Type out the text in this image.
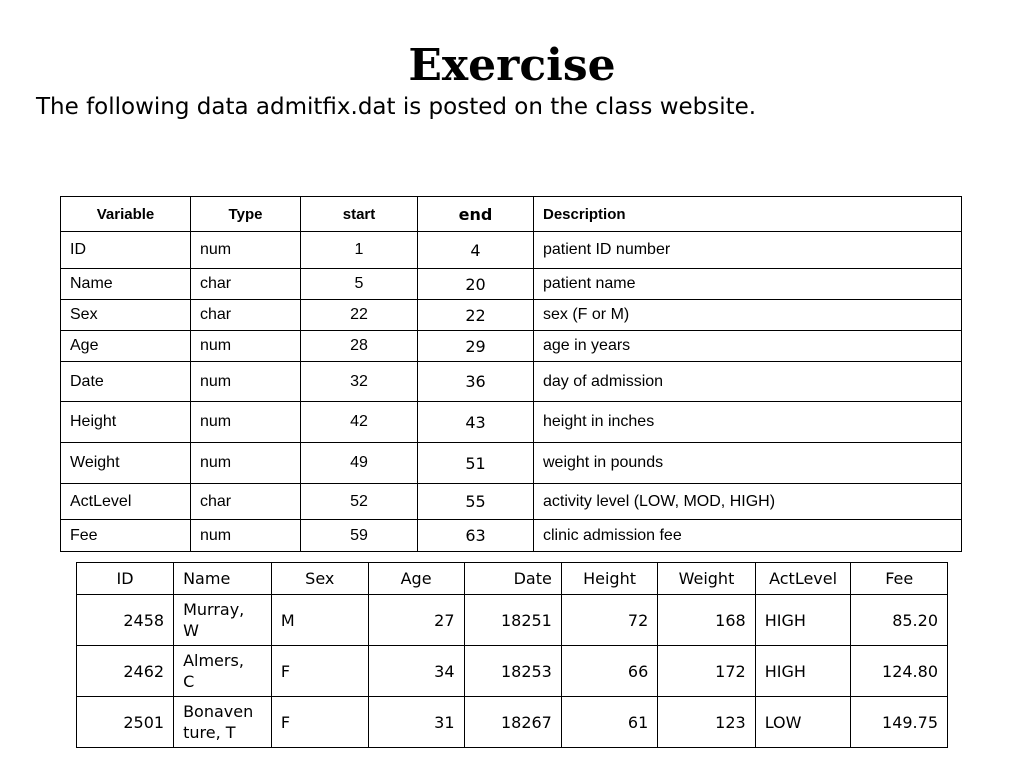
Exercise

The following data admitfix.dat is posted on the class website.

Variable	Type	start	end	Description
ID	num	1	4	patient ID number
Name	char	5	20	patient name
Sex	char	22	22	sex (F or M)
Age	num	28	29	age in years
Date	num	32	36	day of admission
Height	num	42	43	height in inches
Weight	num	49	51	weight in pounds
ActLevel	char	52	55	activity level (LOW, MOD, HIGH)
Fee	num	59	63	clinic admission fee
ID	Name	Sex	Age	Date	Height	Weight	ActLevel	Fee
2458	Murray,
W	M	27	18251	72	168	HIGH	85.20
2462	Almers,
C	F	34	18253	66	172	HIGH	124.80
2501	Bonaven
ture, T	F	31	18267	61	123	LOW	149.75
